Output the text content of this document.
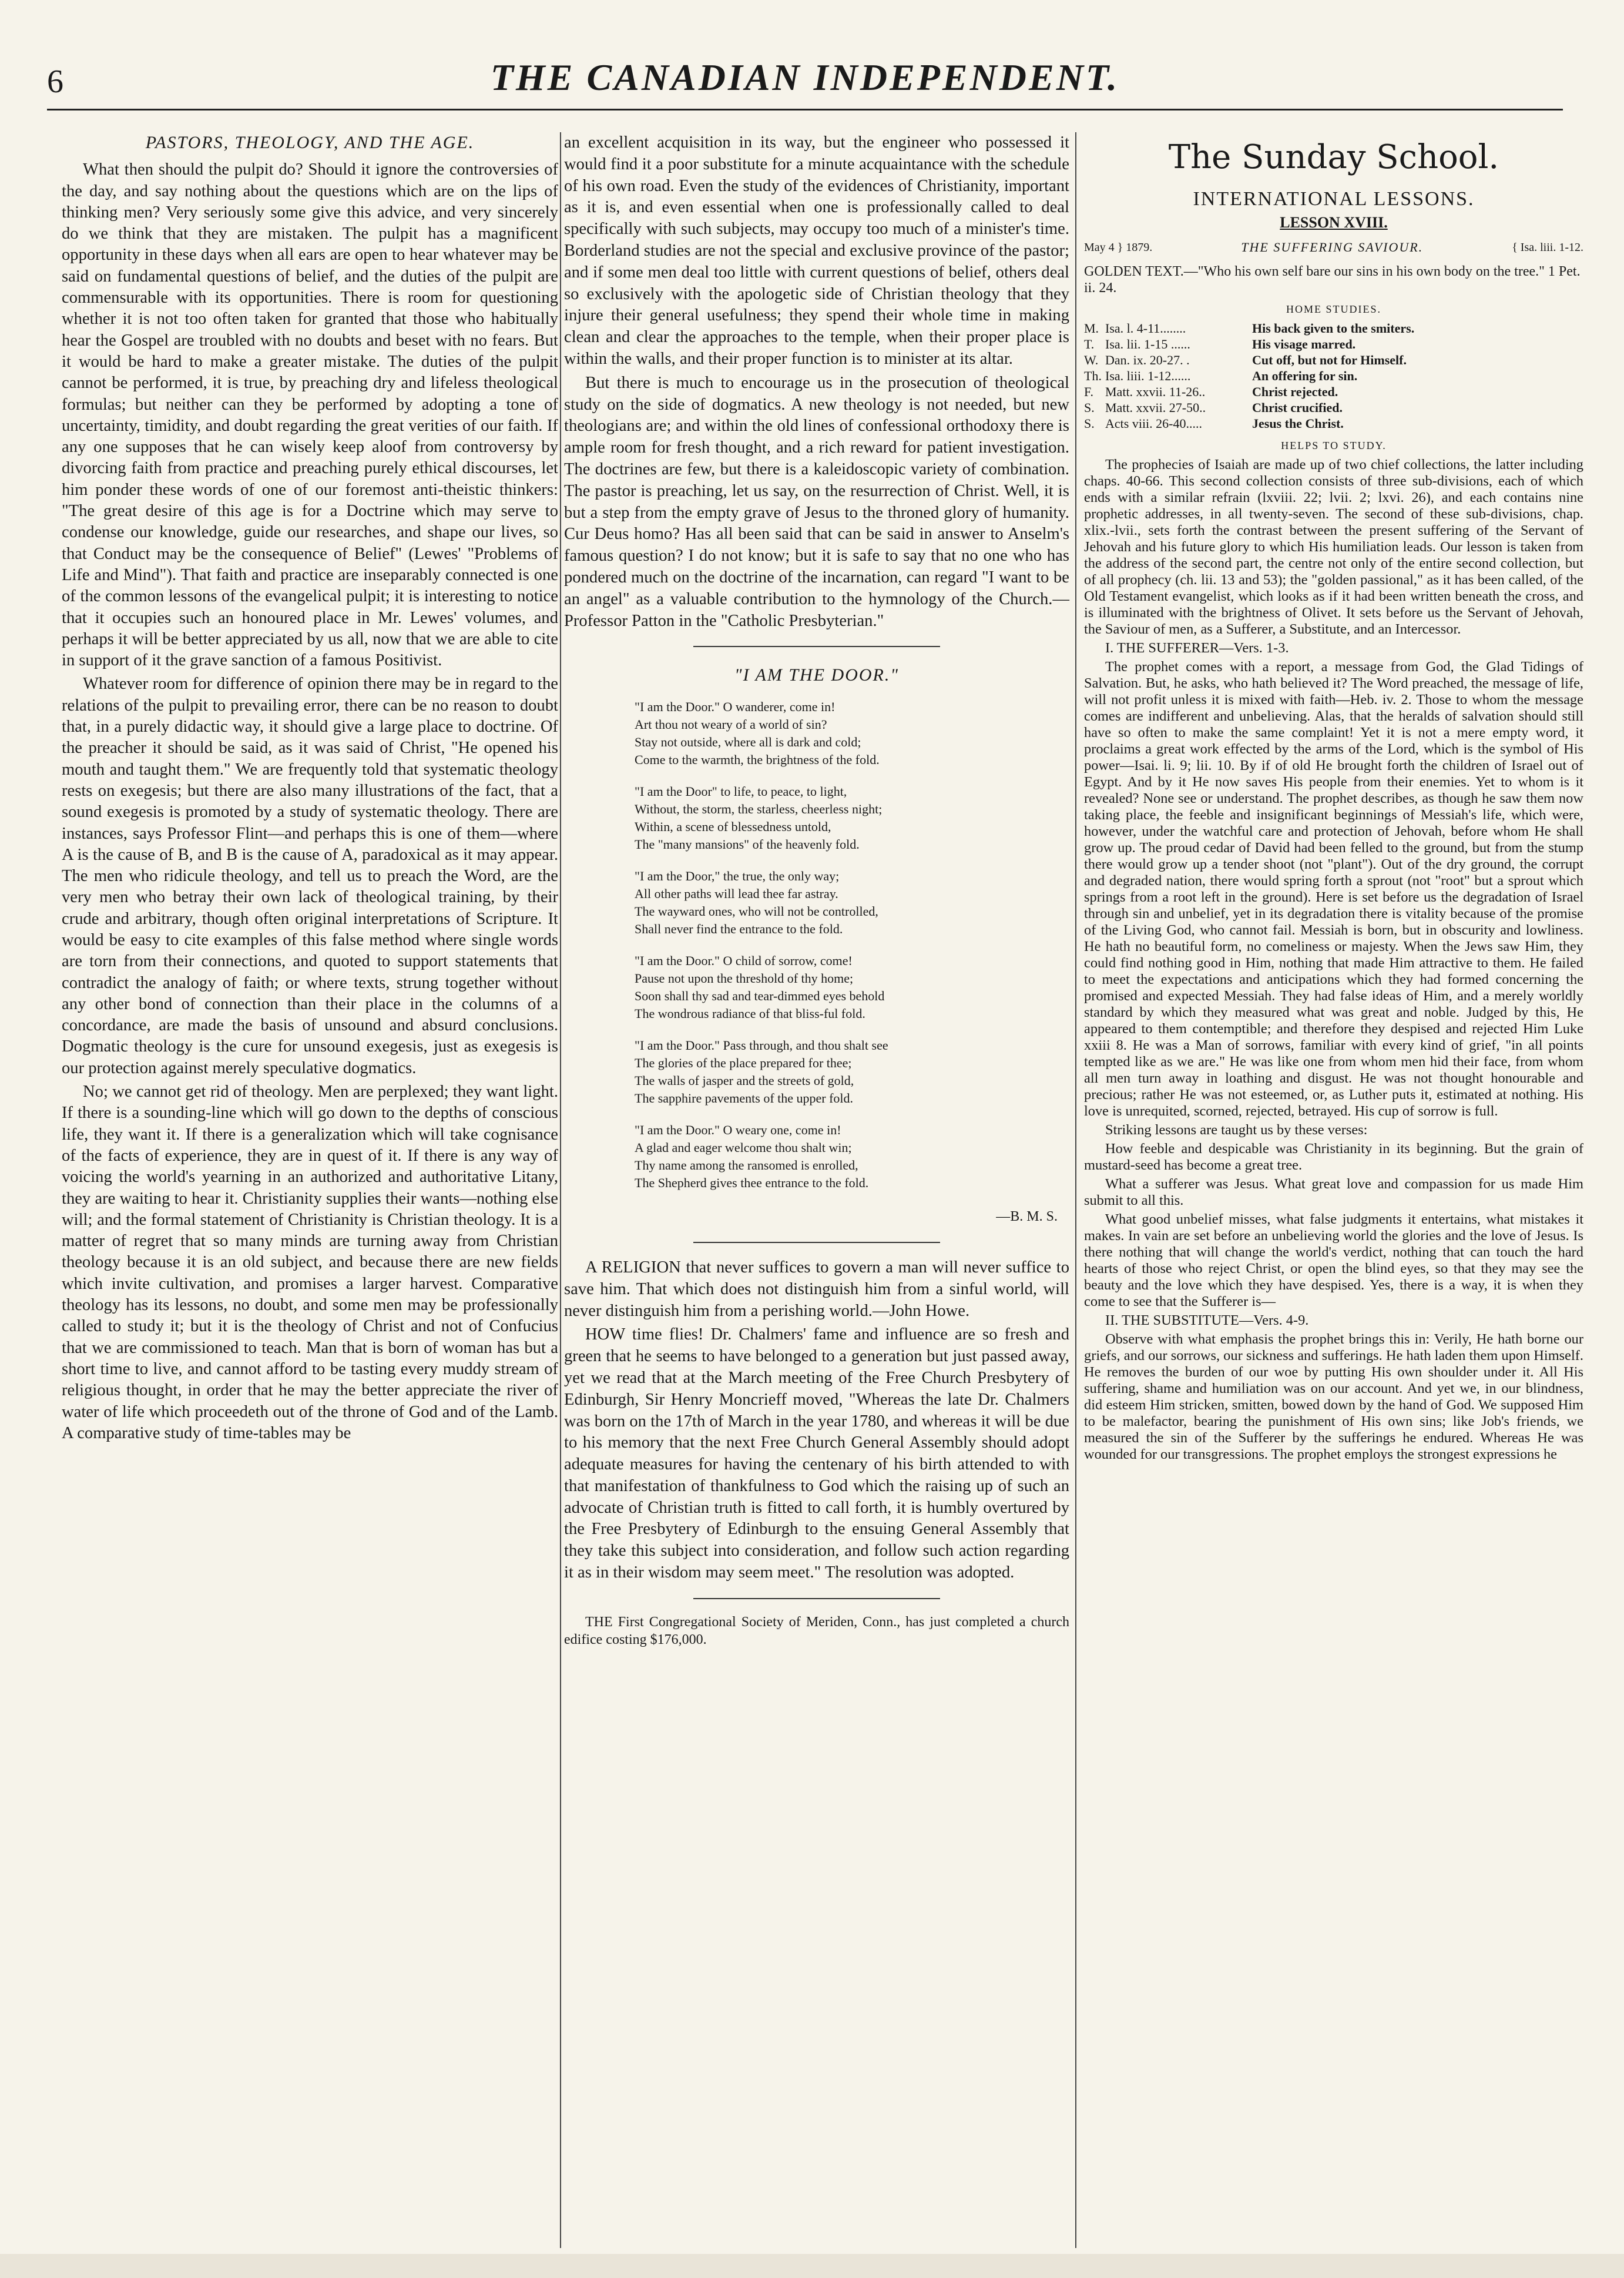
6	THE CANADIAN INDEPENDENT.
PASTORS, THEOLOGY, AND THE AGE.

What then should the pulpit do? Should it ignore the controversies of the day, and say nothing about the questions which are on the lips of thinking men? Very seriously some give this advice, and very sincerely do we think that they are mistaken. The pulpit has a magnificent opportunity in these days when all ears are open to hear whatever may be said on fundamental questions of belief, and the duties of the pulpit are commensurable with its opportunities. There is room for questioning whether it is not too often taken for granted that those who habitually hear the Gospel are troubled with no doubts and beset with no fears. But it would be hard to make a greater mistake. The duties of the pulpit cannot be performed, it is true, by preaching dry and lifeless theological formulas; but neither can they be performed by adopting a tone of uncertainty, timidity, and doubt regarding the great verities of our faith. If any one supposes that he can wisely keep aloof from controversy by divorcing faith from practice and preaching purely ethical discourses, let him ponder these words of one of our foremost anti-theistic thinkers: "The great desire of this age is for a Doctrine which may serve to condense our knowledge, guide our researches, and shape our lives, so that Conduct may be the consequence of Belief" (Lewes' "Problems of Life and Mind"). That faith and practice are inseparably connected is one of the common lessons of the evangelical pulpit; it is interesting to notice that it occupies such an honoured place in Mr. Lewes' volumes, and perhaps it will be better appreciated by us all, now that we are able to cite in support of it the grave sanction of a famous Positivist.

Whatever room for difference of opinion there may be in regard to the relations of the pulpit to prevailing error, there can be no reason to doubt that, in a purely didactic way, it should give a large place to doctrine. Of the preacher it should be said, as it was said of Christ, "He opened his mouth and taught them." We are frequently told that systematic theology rests on exegesis; but there are also many illustrations of the fact, that a sound exegesis is promoted by a study of systematic theology. There are instances, says Professor Flint—and perhaps this is one of them—where A is the cause of B, and B is the cause of A, paradoxical as it may appear. The men who ridicule theology, and tell us to preach the Word, are the very men who betray their own lack of theological training, by their crude and arbitrary, though often original interpretations of Scripture. It would be easy to cite examples of this false method where single words are torn from their connections, and quoted to support statements that contradict the analogy of faith; or where texts, strung together without any other bond of connection than their place in the columns of a concordance, are made the basis of unsound and absurd conclusions. Dogmatic theology is the cure for unsound exegesis, just as exegesis is our protection against merely speculative dogmatics.

No; we cannot get rid of theology. Men are perplexed; they want light. If there is a sounding-line which will go down to the depths of conscious life, they want it. If there is a generalization which will take cognisance of the facts of experience, they are in quest of it. If there is any way of voicing the world's yearning in an authorized and authoritative Litany, they are waiting to hear it. Christianity supplies their wants—nothing else will; and the formal statement of Christianity is Christian theology. It is a matter of regret that so many minds are turning away from Christian theology because it is an old subject, and because there are new fields which invite cultivation, and promises a larger harvest. Comparative theology has its lessons, no doubt, and some men may be professionally called to study it; but it is the theology of Christ and not of Confucius that we are commissioned to teach. Man that is born of woman has but a short time to live, and cannot afford to be tasting every muddy stream of religious thought, in order that he may the better appreciate the river of water of life which proceedeth out of the throne of God and of the Lamb. A comparative study of time-tables may be

an excellent acquisition in its way, but the engineer who possessed it would find it a poor substitute for a minute acquaintance with the schedule of his own road. Even the study of the evidences of Christianity, important as it is, and even essential when one is professionally called to deal specifically with such subjects, may occupy too much of a minister's time. Borderland studies are not the special and exclusive province of the pastor; and if some men deal too little with current questions of belief, others deal so exclusively with the apologetic side of Christian theology that they injure their general usefulness; they spend their whole time in making clean and clear the approaches to the temple, when their proper place is within the walls, and their proper function is to minister at its altar.

But there is much to encourage us in the prosecution of theological study on the side of dogmatics. A new theology is not needed, but new theologians are; and within the old lines of confessional orthodoxy there is ample room for fresh thought, and a rich reward for patient investigation. The doctrines are few, but there is a kaleidoscopic variety of combination. The pastor is preaching, let us say, on the resurrection of Christ. Well, it is but a step from the empty grave of Jesus to the throned glory of humanity. Cur Deus homo? Has all been said that can be said in answer to Anselm's famous question? I do not know; but it is safe to say that no one who has pondered much on the doctrine of the incarnation, can regard "I want to be an angel" as a valuable contribution to the hymnology of the Church.—Professor Patton in the "Catholic Presbyterian."

"I AM THE DOOR."
"I am the Door." O wanderer, come in!
Art thou not weary of a world of sin?
Stay not outside, where all is dark and cold;
Come to the warmth, the brightness of the fold.
"I am the Door" to life, to peace, to light,
Without, the storm, the starless, cheerless night;
Within, a scene of blessedness untold,
The "many mansions" of the heavenly fold.
"I am the Door," the true, the only way;
All other paths will lead thee far astray.
The wayward ones, who will not be controlled,
Shall never find the entrance to the fold.
"I am the Door." O child of sorrow, come!
Pause not upon the threshold of thy home;
Soon shall thy sad and tear-dimmed eyes behold
The wondrous radiance of that bliss-ful fold.
"I am the Door." Pass through, and thou shalt see
The glories of the place prepared for thee;
The walls of jasper and the streets of gold,
The sapphire pavements of the upper fold.
"I am the Door." O weary one, come in!
A glad and eager welcome thou shalt win;
Thy name among the ransomed is enrolled,
The Shepherd gives thee entrance to the fold.
—B. M. S.

A RELIGION that never suffices to govern a man will never suffice to save him. That which does not distinguish him from a sinful world, will never distinguish him from a perishing world.—John Howe.

HOW time flies! Dr. Chalmers' fame and influence are so fresh and green that he seems to have belonged to a generation but just passed away, yet we read that at the March meeting of the Free Church Presbytery of Edinburgh, Sir Henry Moncrieff moved, "Whereas the late Dr. Chalmers was born on the 17th of March in the year 1780, and whereas it will be due to his memory that the next Free Church General Assembly should adopt adequate measures for having the centenary of his birth attended to with that manifestation of thankfulness to God which the raising up of such an advocate of Christian truth is fitted to call forth, it is humbly overtured by the Free Presbytery of Edinburgh to the ensuing General Assembly that they take this subject into consideration, and follow such action regarding it as in their wisdom may seem meet." The resolution was adopted.

THE First Congregational Society of Meriden, Conn., has just completed a church edifice costing $176,000.

The Sunday School.
INTERNATIONAL LESSONS.
LESSON XVIII.
May 4 } 1879.	THE SUFFERING SAVIOUR.	{ Isa. liii. 1-12.
GOLDEN TEXT.—"Who his own self bare our sins in his own body on the tree." 1 Pet. ii. 24.
HOME STUDIES.
M. Isa. l. 4-11........	His back given to the smiters.
T. Isa. lii. 1-15 ......	His visage marred.
W. Dan. ix. 20-27. .	Cut off, but not for Himself.
Th. Isa. liii. 1-12......	An offering for sin.
F. Matt. xxvii. 11-26..	Christ rejected.
S. Matt. xxvii. 27-50..	Christ crucified.
S. Acts viii. 26-40.....	Jesus the Christ.
HELPS TO STUDY.

The prophecies of Isaiah are made up of two chief collections, the latter including chaps. 40-66. This second collection consists of three sub-divisions, each of which ends with a similar refrain (lxviii. 22; lvii. 2; lxvi. 26), and each contains nine prophetic addresses, in all twenty-seven. The second of these sub-divisions, chap. xlix.-lvii., sets forth the contrast between the present suffering of the Servant of Jehovah and his future glory to which His humiliation leads. Our lesson is taken from the address of the second part, the centre not only of the entire second collection, but of all prophecy (ch. lii. 13 and 53); the "golden passional," as it has been called, of the Old Testament evangelist, which looks as if it had been written beneath the cross, and is illuminated with the brightness of Olivet. It sets before us the Servant of Jehovah, the Saviour of men, as a Sufferer, a Substitute, and an Intercessor.

I. THE SUFFERER—Vers. 1-3.

The prophet comes with a report, a message from God, the Glad Tidings of Salvation. But, he asks, who hath believed it? The Word preached, the message of life, will not profit unless it is mixed with faith—Heb. iv. 2. Those to whom the message comes are indifferent and unbelieving. Alas, that the heralds of salvation should still have so often to make the same complaint! Yet it is not a mere empty word, it proclaims a great work effected by the arms of the Lord, which is the symbol of His power—Isai. li. 9; lii. 10. By if of old He brought forth the children of Israel out of Egypt. And by it He now saves His people from their enemies. Yet to whom is it revealed? None see or understand. The prophet describes, as though he saw them now taking place, the feeble and insignificant beginnings of Messiah's life, which were, however, under the watchful care and protection of Jehovah, before whom He shall grow up. The proud cedar of David had been felled to the ground, but from the stump there would grow up a tender shoot (not "plant"). Out of the dry ground, the corrupt and degraded nation, there would spring forth a sprout (not "root" but a sprout which springs from a root left in the ground). Here is set before us the degradation of Israel through sin and unbelief, yet in its degradation there is vitality because of the promise of the Living God, who cannot fail. Messiah is born, but in obscurity and lowliness. He hath no beautiful form, no comeliness or majesty. When the Jews saw Him, they could find nothing good in Him, nothing that made Him attractive to them. He failed to meet the expectations and anticipations which they had formed concerning the promised and expected Messiah. They had false ideas of Him, and a merely worldly standard by which they measured what was great and noble. Judged by this, He appeared to them contemptible; and therefore they despised and rejected Him Luke xxiii 8. He was a Man of sorrows, familiar with every kind of grief, "in all points tempted like as we are." He was like one from whom men hid their face, from whom all men turn away in loathing and disgust. He was not thought honourable and precious; rather He was not esteemed, or, as Luther puts it, estimated at nothing. His love is unrequited, scorned, rejected, betrayed. His cup of sorrow is full.

Striking lessons are taught us by these verses:

How feeble and despicable was Christianity in its beginning. But the grain of mustard-seed has become a great tree.

What a sufferer was Jesus. What great love and compassion for us made Him submit to all this.

What good unbelief misses, what false judgments it entertains, what mistakes it makes. In vain are set before an unbelieving world the glories and the love of Jesus. Is there nothing that will change the world's verdict, nothing that can touch the hard hearts of those who reject Christ, or open the blind eyes, so that they may see the beauty and the love which they have despised. Yes, there is a way, it is when they come to see that the Sufferer is—

II. THE SUBSTITUTE—Vers. 4-9.

Observe with what emphasis the prophet brings this in: Verily, He hath borne our griefs, and our sorrows, our sickness and sufferings. He hath laden them upon Himself. He removes the burden of our woe by putting His own shoulder under it. All His suffering, shame and humiliation was on our account. And yet we, in our blindness, did esteem Him stricken, smitten, bowed down by the hand of God. We supposed Him to be malefactor, bearing the punishment of His own sins; like Job's friends, we measured the sin of the Sufferer by the sufferings he endured. Whereas He was wounded for our transgressions. The prophet employs the strongest expressions he
